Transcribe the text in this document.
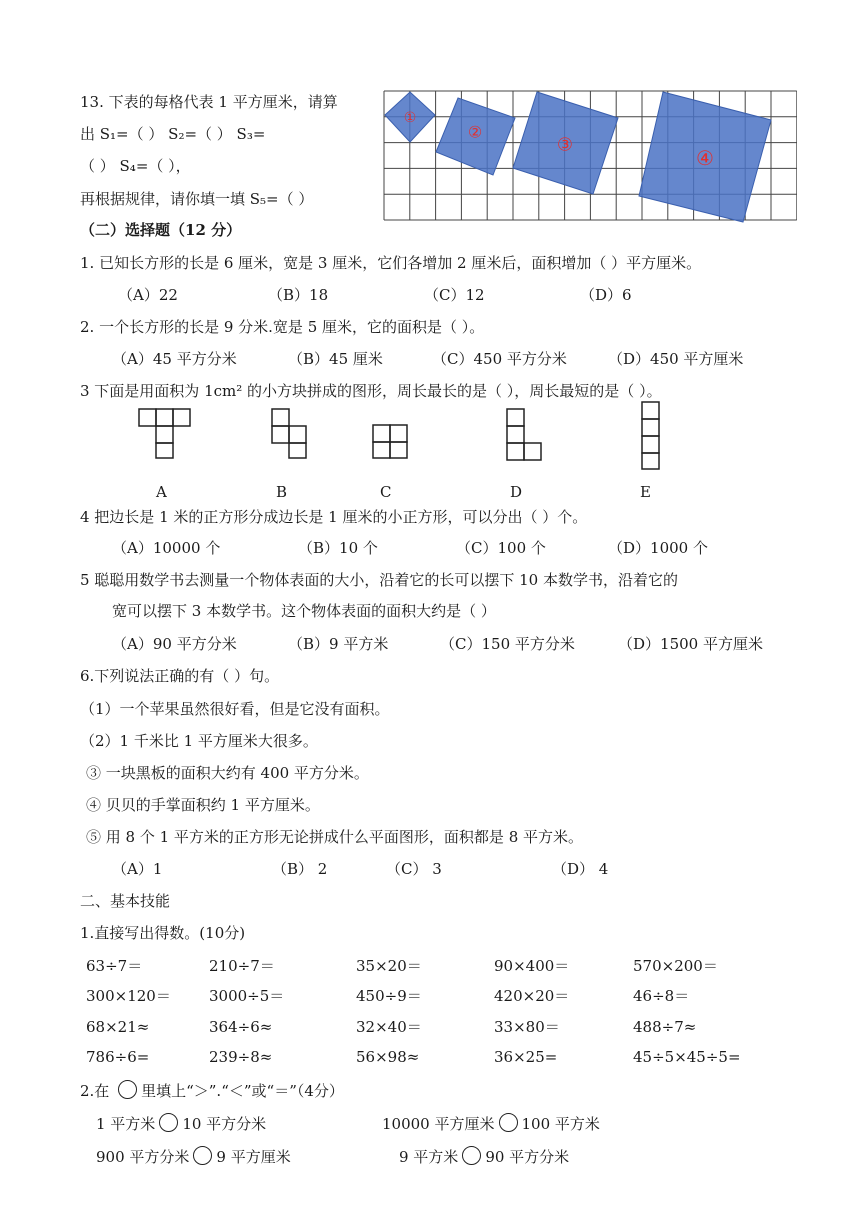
13. 下表的每格代表 1 平方厘米，请算
出 S₁=（ ） S₂=（ ） S₃=
（ ） S₄=（ ），
再根据规律，请你填一填 S₅=（ ）
①
②
③
④
（二）选择题（12 分）
1. 已知长方形的长是 6 厘米，宽是 3 厘米，它们各增加 2 厘米后，面积增加（ ）平方厘米。
（A）22	（B）18	（C）12	（D）6
2. 一个长方形的长是 9 分米.宽是 5 厘米，它的面积是（ ）。
（A）45 平方分米	（B）45 厘米	（C）450 平方分米	（D）450 平方厘米
3 下面是用面积为 1cm² 的小方块拼成的图形，周长最长的是（ ），周长最短的是（ ）。
A	B	C	D	E
4 把边长是 1 米的正方形分成边长是 1 厘米的小正方形，可以分出（ ）个。
（A）10000 个	（B）10 个	（C）100 个	（D）1000 个
5 聪聪用数学书去测量一个物体表面的大小，沿着它的长可以摆下 10 本数学书，沿着它的
宽可以摆下 3 本数学书。这个物体表面的面积大约是（ ）
（A）90 平方分米	（B）9 平方米	（C）150 平方分米	（D）1500 平方厘米
6.下列说法正确的有（ ）句。
（1）一个苹果虽然很好看，但是它没有面积。
（2）1 千米比 1 平方厘米大很多。
③ 一块黑板的面积大约有 400 平方分米。
④ 贝贝的手掌面积约 1 平方厘米。
⑤ 用 8 个 1 平方米的正方形无论拼成什么平面图形，面积都是 8 平方米。
（A）1	（B） 2	（C） 3	（D） 4
二、基本技能
1.直接写出得数。(10分)
63÷7＝	210÷7＝	35×20＝	90×400＝	570×200＝
300×120＝	3000÷5＝	450÷9＝	420×20＝	46÷8＝
68×21≈	364÷6≈	32×40＝	33×80＝	488÷7≈
786÷6=	239÷8≈	56×98≈	36×25=	45÷5×45÷5=
2.在 里填上“＞”.“＜”或“＝”（4分）
1 平方米 10 平方分米	10000 平方厘米 100 平方米
900 平方分米 9 平方厘米	9 平方米 90 平方分米
